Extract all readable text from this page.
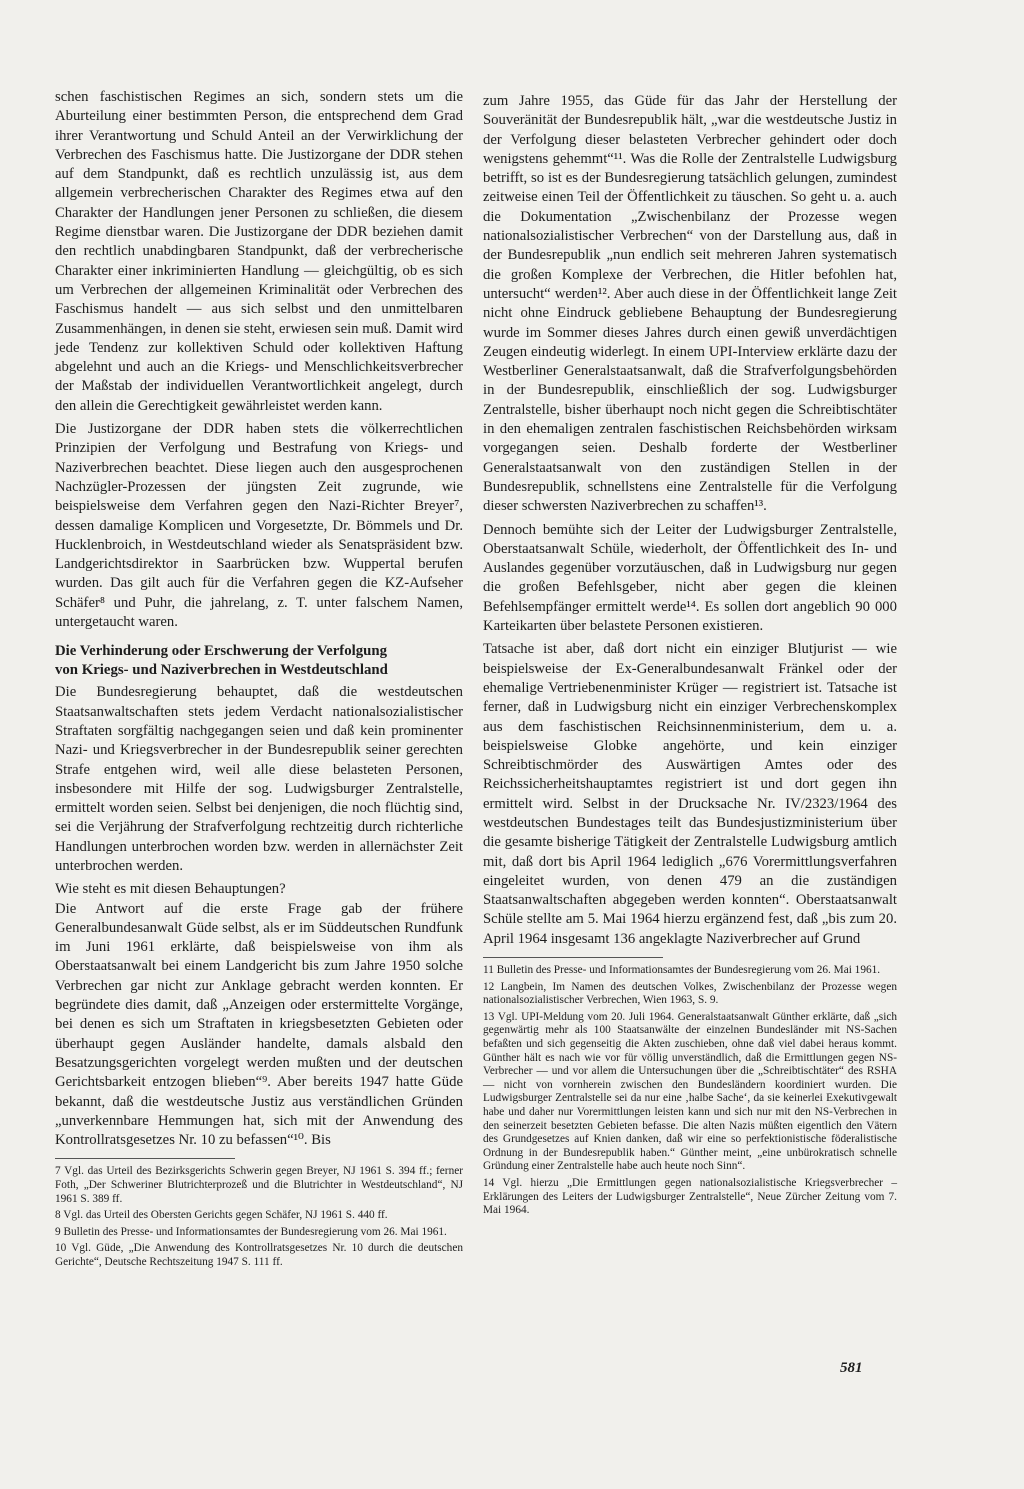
schen faschistischen Regimes an sich, sondern stets um die Aburteilung einer bestimmten Person, die entsprechend dem Grad ihrer Verantwortung und Schuld Anteil an der Verwirklichung der Verbrechen des Faschismus hatte. Die Justizorgane der DDR stehen auf dem Standpunkt, daß es rechtlich unzulässig ist, aus dem allgemein verbrecherischen Charakter des Regimes etwa auf den Charakter der Handlungen jener Personen zu schließen, die diesem Regime dienstbar waren. Die Justizorgane der DDR beziehen damit den rechtlich unabdingbaren Standpunkt, daß der verbrecherische Charakter einer inkriminierten Handlung — gleichgültig, ob es sich um Verbrechen der allgemeinen Kriminalität oder Verbrechen des Faschismus handelt — aus sich selbst und den unmittelbaren Zusammenhängen, in denen sie steht, erwiesen sein muß. Damit wird jede Tendenz zur kollektiven Schuld oder kollektiven Haftung abgelehnt und auch an die Kriegs- und Menschlichkeitsverbrecher der Maßstab der individuellen Verantwortlichkeit angelegt, durch den allein die Gerechtigkeit gewährleistet werden kann.

Die Justizorgane der DDR haben stets die völkerrechtlichen Prinzipien der Verfolgung und Bestrafung von Kriegs- und Naziverbrechen beachtet. Diese liegen auch den ausgesprochenen Nachzügler-Prozessen der jüngsten Zeit zugrunde, wie beispielsweise dem Verfahren gegen den Nazi-Richter Breyer⁷, dessen damalige Komplicen und Vorgesetzte, Dr. Bömmels und Dr. Hucklenbroich, in Westdeutschland wieder als Senatspräsident bzw. Landgerichtsdirektor in Saarbrücken bzw. Wuppertal berufen wurden. Das gilt auch für die Verfahren gegen die KZ-Aufseher Schäfer⁸ und Puhr, die jahrelang, z. T. unter falschem Namen, untergetaucht waren.

Die Verhinderung oder Erschwerung der Verfolgung
von Kriegs- und Naziverbrechen in Westdeutschland

Die Bundesregierung behauptet, daß die westdeutschen Staatsanwaltschaften stets jedem Verdacht nationalsozialistischer Straftaten sorgfältig nachgegangen seien und daß kein prominenter Nazi- und Kriegsverbrecher in der Bundesrepublik seiner gerechten Strafe entgehen wird, weil alle diese belasteten Personen, insbesondere mit Hilfe der sog. Ludwigsburger Zentralstelle, ermittelt worden seien. Selbst bei denjenigen, die noch flüchtig sind, sei die Verjährung der Strafverfolgung rechtzeitig durch richterliche Handlungen unterbrochen worden bzw. werden in allernächster Zeit unterbrochen werden.

Wie steht es mit diesen Behauptungen?

Die Antwort auf die erste Frage gab der frühere Generalbundesanwalt Güde selbst, als er im Süddeutschen Rundfunk im Juni 1961 erklärte, daß beispielsweise von ihm als Oberstaatsanwalt bei einem Landgericht bis zum Jahre 1950 solche Verbrechen gar nicht zur Anklage gebracht werden konnten. Er begründete dies damit, daß „Anzeigen oder erstermittelte Vorgänge, bei denen es sich um Straftaten in kriegsbesetzten Gebieten oder überhaupt gegen Ausländer handelte, damals alsbald den Besatzungsgerichten vorgelegt werden mußten und der deutschen Gerichtsbarkeit entzogen blieben“⁹. Aber bereits 1947 hatte Güde bekannt, daß die westdeutsche Justiz aus verständlichen Gründen „unverkennbare Hemmungen hat, sich mit der Anwendung des Kontrollratsgesetzes Nr. 10 zu befassen“¹⁰. Bis

7 Vgl. das Urteil des Bezirksgerichts Schwerin gegen Breyer, NJ 1961 S. 394 ff.; ferner Foth, „Der Schweriner Blutrichterprozeß und die Blutrichter in Westdeutschland“, NJ 1961 S. 389 ff.

8 Vgl. das Urteil des Obersten Gerichts gegen Schäfer, NJ 1961 S. 440 ff.

9 Bulletin des Presse- und Informationsamtes der Bundesregierung vom 26. Mai 1961.

10 Vgl. Güde, „Die Anwendung des Kontrollratsgesetzes Nr. 10 durch die deutschen Gerichte“, Deutsche Rechtszeitung 1947 S. 111 ff.

zum Jahre 1955, das Güde für das Jahr der Herstellung der Souveränität der Bundesrepublik hält, „war die westdeutsche Justiz in der Verfolgung dieser belasteten Verbrecher gehindert oder doch wenigstens gehemmt“¹¹. Was die Rolle der Zentralstelle Ludwigsburg betrifft, so ist es der Bundesregierung tatsächlich gelungen, zumindest zeitweise einen Teil der Öffentlichkeit zu täuschen. So geht u. a. auch die Dokumentation „Zwischenbilanz der Prozesse wegen nationalsozialistischer Verbrechen“ von der Darstellung aus, daß in der Bundesrepublik „nun endlich seit mehreren Jahren systematisch die großen Komplexe der Verbrechen, die Hitler befohlen hat, untersucht“ werden¹². Aber auch diese in der Öffentlichkeit lange Zeit nicht ohne Eindruck gebliebene Behauptung der Bundesregierung wurde im Sommer dieses Jahres durch einen gewiß unverdächtigen Zeugen eindeutig widerlegt. In einem UPI-Interview erklärte dazu der Westberliner Generalstaatsanwalt, daß die Strafverfolgungsbehörden in der Bundesrepublik, einschließlich der sog. Ludwigsburger Zentralstelle, bisher überhaupt noch nicht gegen die Schreibtischtäter in den ehemaligen zentralen faschistischen Reichsbehörden wirksam vorgegangen seien. Deshalb forderte der Westberliner Generalstaatsanwalt von den zuständigen Stellen in der Bundesrepublik, schnellstens eine Zentralstelle für die Verfolgung dieser schwersten Naziverbrechen zu schaffen¹³.

Dennoch bemühte sich der Leiter der Ludwigsburger Zentralstelle, Oberstaatsanwalt Schüle, wiederholt, der Öffentlichkeit des In- und Auslandes gegenüber vorzutäuschen, daß in Ludwigsburg nur gegen die großen Befehlsgeber, nicht aber gegen die kleinen Befehlsempfänger ermittelt werde¹⁴. Es sollen dort angeblich 90 000 Karteikarten über belastete Personen existieren.

Tatsache ist aber, daß dort nicht ein einziger Blutjurist — wie beispielsweise der Ex-Generalbundesanwalt Fränkel oder der ehemalige Vertriebenenminister Krüger — registriert ist. Tatsache ist ferner, daß in Ludwigsburg nicht ein einziger Verbrechenskomplex aus dem faschistischen Reichsinnenministerium, dem u. a. beispielsweise Globke angehörte, und kein einziger Schreibtischmörder des Auswärtigen Amtes oder des Reichssicherheitshauptamtes registriert ist und dort gegen ihn ermittelt wird. Selbst in der Drucksache Nr. IV/2323/1964 des westdeutschen Bundestages teilt das Bundesjustizministerium über die gesamte bisherige Tätigkeit der Zentralstelle Ludwigsburg amtlich mit, daß dort bis April 1964 lediglich „676 Vorermittlungsverfahren eingeleitet wurden, von denen 479 an die zuständigen Staatsanwaltschaften abgegeben werden konnten“. Oberstaatsanwalt Schüle stellte am 5. Mai 1964 hierzu ergänzend fest, daß „bis zum 20. April 1964 insgesamt 136 angeklagte Naziverbrecher auf Grund

11 Bulletin des Presse- und Informationsamtes der Bundesregierung vom 26. Mai 1961.

12 Langbein, Im Namen des deutschen Volkes, Zwischenbilanz der Prozesse wegen nationalsozialistischer Verbrechen, Wien 1963, S. 9.

13 Vgl. UPI-Meldung vom 20. Juli 1964. Generalstaatsanwalt Günther erklärte, daß „sich gegenwärtig mehr als 100 Staatsanwälte der einzelnen Bundesländer mit NS-Sachen befaßten und sich gegenseitig die Akten zuschieben, ohne daß viel dabei heraus kommt. Günther hält es nach wie vor für völlig unverständlich, daß die Ermittlungen gegen NS-Verbrecher — und vor allem die Untersuchungen über die „Schreibtischtäter“ des RSHA — nicht von vornherein zwischen den Bundesländern koordiniert wurden. Die Ludwigsburger Zentralstelle sei da nur eine ‚halbe Sache‘, da sie keinerlei Exekutivgewalt habe und daher nur Vorermittlungen leisten kann und sich nur mit den NS-Verbrechen in den seinerzeit besetzten Gebieten befasse. Die alten Nazis müßten eigentlich den Vätern des Grundgesetzes auf Knien danken, daß wir eine so perfektionistische föderalistische Ordnung in der Bundesrepublik haben.“ Günther meint, „eine unbürokratisch schnelle Gründung einer Zentralstelle habe auch heute noch Sinn“.

14 Vgl. hierzu „Die Ermittlungen gegen nationalsozialistische Kriegsverbrecher – Erklärungen des Leiters der Ludwigsburger Zentralstelle“, Neue Zürcher Zeitung vom 7. Mai 1964.

581
